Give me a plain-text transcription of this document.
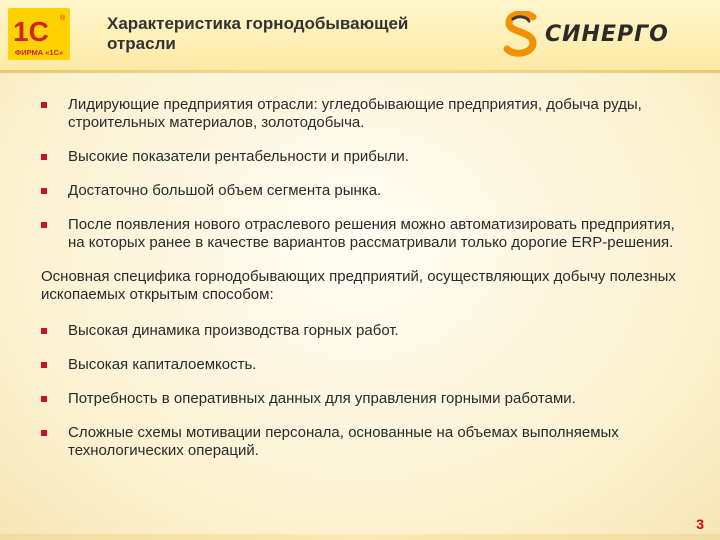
1С ®
ФИРМА «1С»
Характеристика горнодобывающей
отрасли	СИНЕРГО
Лидирующие предприятия отрасли: угледобывающие предприятия, добыча руды, строительных материалов, золотодобыча.
Высокие показатели рентабельности и прибыли.
Достаточно большой объем сегмента рынка.
После появления нового отраслевого решения можно автоматизировать предприятия, на которых ранее в качестве вариантов рассматривали только дорогие ERP-решения.

Основная специфика горнодобывающих предприятий, осуществляющих добычу полезных ископаемых открытым способом:

Высокая динамика производства горных работ.
Высокая капиталоемкость.
Потребность в оперативных данных для управления горными работами.
Сложные схемы мотивации персонала, основанные на объемах выполняемых технологических операций.
3
